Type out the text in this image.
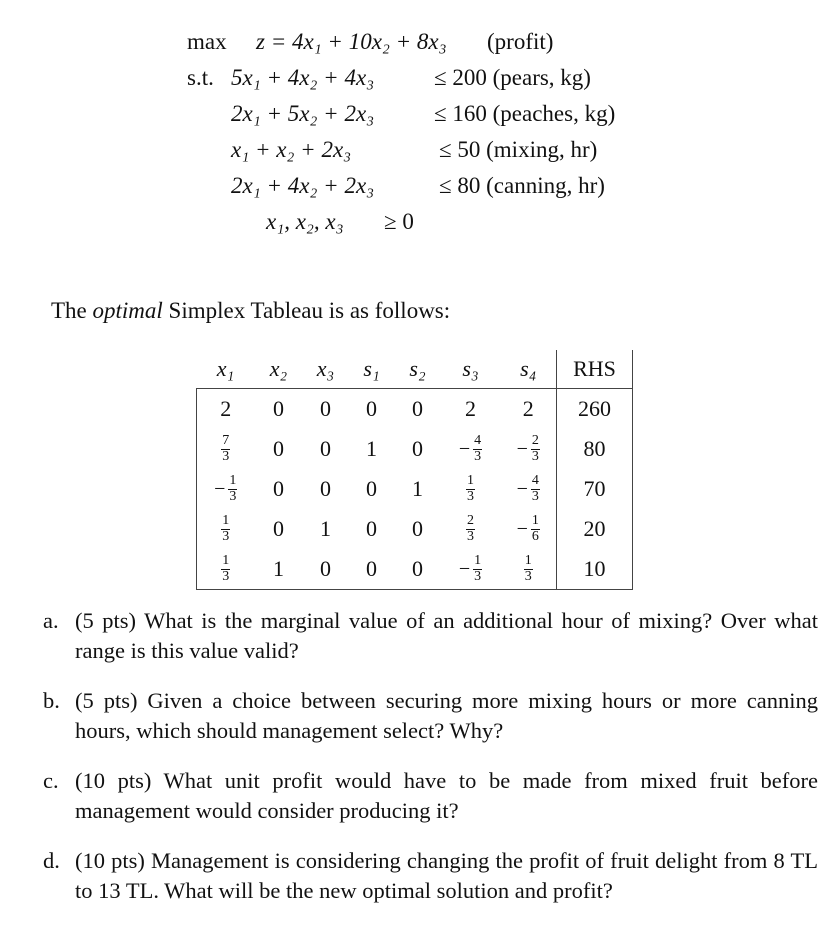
max z = 4x₁ + 10x₂ + 8x₃ (profit)
s.t. 5x₁ + 4x₂ + 4x₃	≤ 200 (pears, kg)
2x₁ + 5x₂ + 2x₃	≤ 160 (peaches, kg)
x₁ + x₂ + 2x₃	≤ 50 (mixing, hr)
2x₁ + 4x₂ + 2x₃	≤ 80 (canning, hr)
x₁, x₂, x₃ ≥ 0
The optimal Simplex Tableau is as follows:
x₁	x₂	x₃	s₁	s₂	s₃	s₄	RHS
2	0	0	0	0	2	2	260

$\frac{7}{3}$	0	0	1	0	− $\frac{4}{3}$	− $\frac{2}{3}$	80

− $\frac{1}{3}$	0	0	0	1	$\frac{1}{3}$	− $\frac{4}{3}$	70

$\frac{1}{3}$	0	1	0	0	$\frac{2}{3}$	− $\frac{1}{6}$	20

$\frac{1}{3}$	1	0	0	0	− $\frac{1}{3}$	$\frac{1}{3}$	10
a. (5 pts) What is the marginal value of an additional hour of mixing? Over what range is this value valid?
b. (5 pts) Given a choice between securing more mixing hours or more canning hours, which should management select? Why?
c. (10 pts) What unit profit would have to be made from mixed fruit before management would consider producing it?
d. (10 pts) Management is considering changing the profit of fruit delight from 8 TL to 13 TL. What will be the new optimal solution and profit?
